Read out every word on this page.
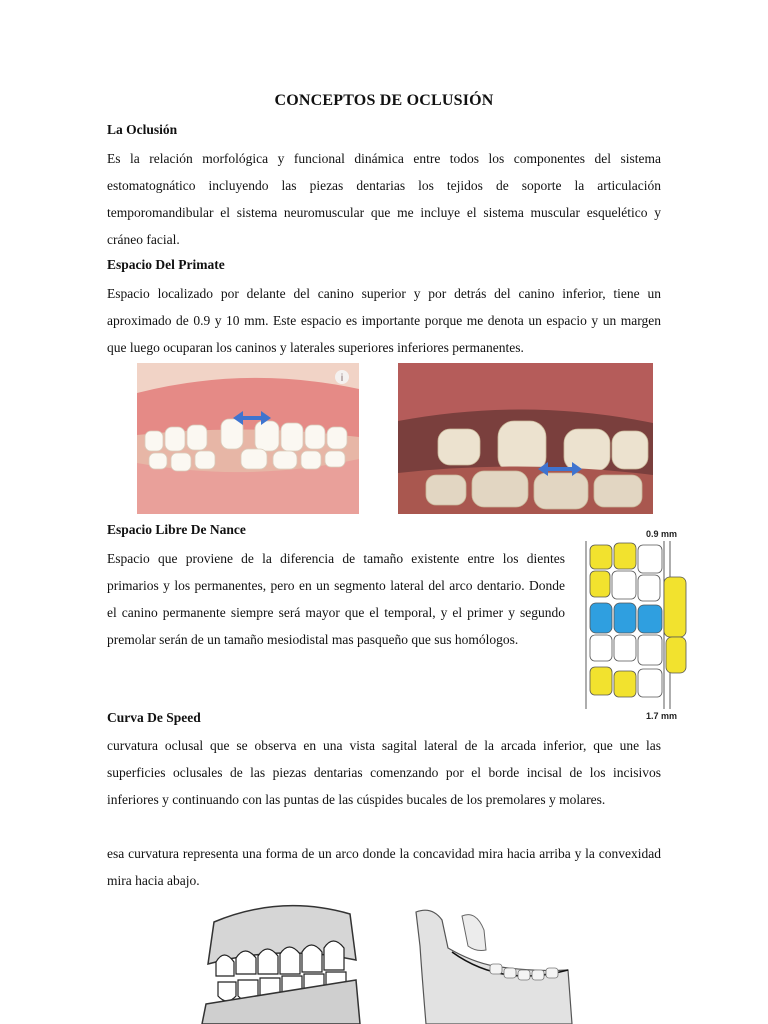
CONCEPTOS DE OCLUSIÓN
La Oclusión
Es la relación morfológica y funcional dinámica entre todos los componentes del sistema estomatognático incluyendo las piezas dentarias los tejidos de soporte la articulación temporomandibular el sistema neuromuscular que me incluye el sistema muscular esquelético y cráneo facial.
Espacio Del Primate
Espacio localizado por delante del canino superior y por detrás del canino inferior, tiene un aproximado de 0.9 y 10 mm. Este espacio es importante porque me denota un espacio y un margen que luego ocuparan los caninos y laterales superiores inferiores permanentes.
i
Espacio Libre De Nance
Espacio que proviene de la diferencia de tamaño existente entre los dientes primarios y los permanentes, pero en un segmento lateral del arco dentario. Donde el canino permanente siempre será mayor que el temporal, y el primer y segundo premolar serán de un tamaño mesiodistal mas pasqueño que sus homólogos.
0.9 mm
1.7 mm
Curva De Speed
curvatura oclusal que se observa en una vista sagital lateral de la arcada inferior, que une las superficies oclusales de las piezas dentarias comenzando por el borde incisal de los incisivos inferiores y continuando con las puntas de las cúspides bucales de los premolares y molares.
esa curvatura representa una forma de un arco donde la concavidad mira hacia arriba y la convexidad mira hacia abajo.
